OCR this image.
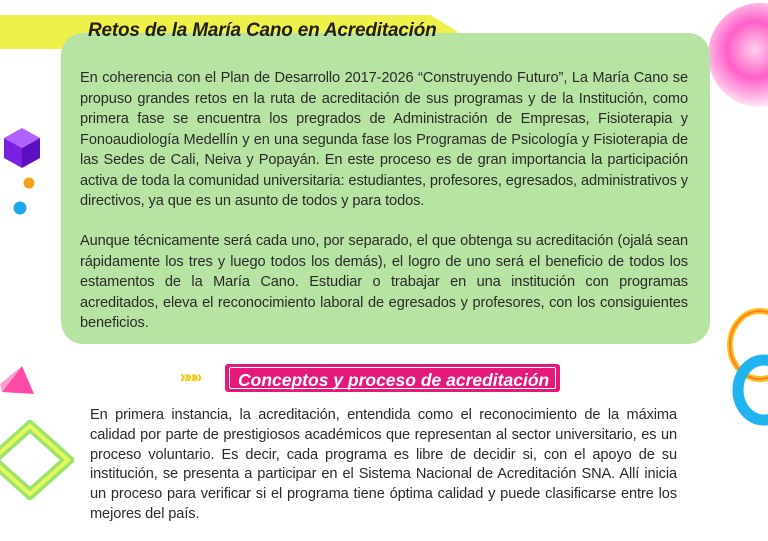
Retos de la María Cano en Acreditación

En coherencia con el Plan de Desarrollo 2017-2026 “Construyendo Futuro”, La María Cano se propuso grandes retos en la ruta de acreditación de sus programas y de la Institución, como primera fase se encuentra los pregrados de Administración de Empresas, Fisioterapia y Fonoaudiología Medellín y en una segunda fase los Programas de Psicología y Fisioterapia de las Sedes de Cali, Neiva y Popayán. En este proceso es de gran importancia la participación activa de toda la comunidad universitaria: estudiantes, profesores, egresados, administrativos y directivos, ya que es un asunto de todos y para todos.

Aunque técnicamente será cada uno, por separado, el que obtenga su acreditación (ojalá sean rápidamente los tres y luego todos los demás), el logro de uno será el beneficio de todos los estamentos de la María Cano. Estudiar o trabajar en una institución con programas acreditados, eleva el reconocimiento laboral de egresados y profesores, con los consiguientes beneficios.

»»» Conceptos y proceso de acreditación

En primera instancia, la acreditación, entendida como el reconocimiento de la máxima calidad por parte de prestigiosos académicos que representan al sector universitario, es un proceso voluntario. Es decir, cada programa es libre de decidir si, con el apoyo de su institución, se presenta a participar en el Sistema Nacional de Acreditación SNA. Allí inicia un proceso para verificar si el programa tiene óptima calidad y puede clasificarse entre los mejores del país.
